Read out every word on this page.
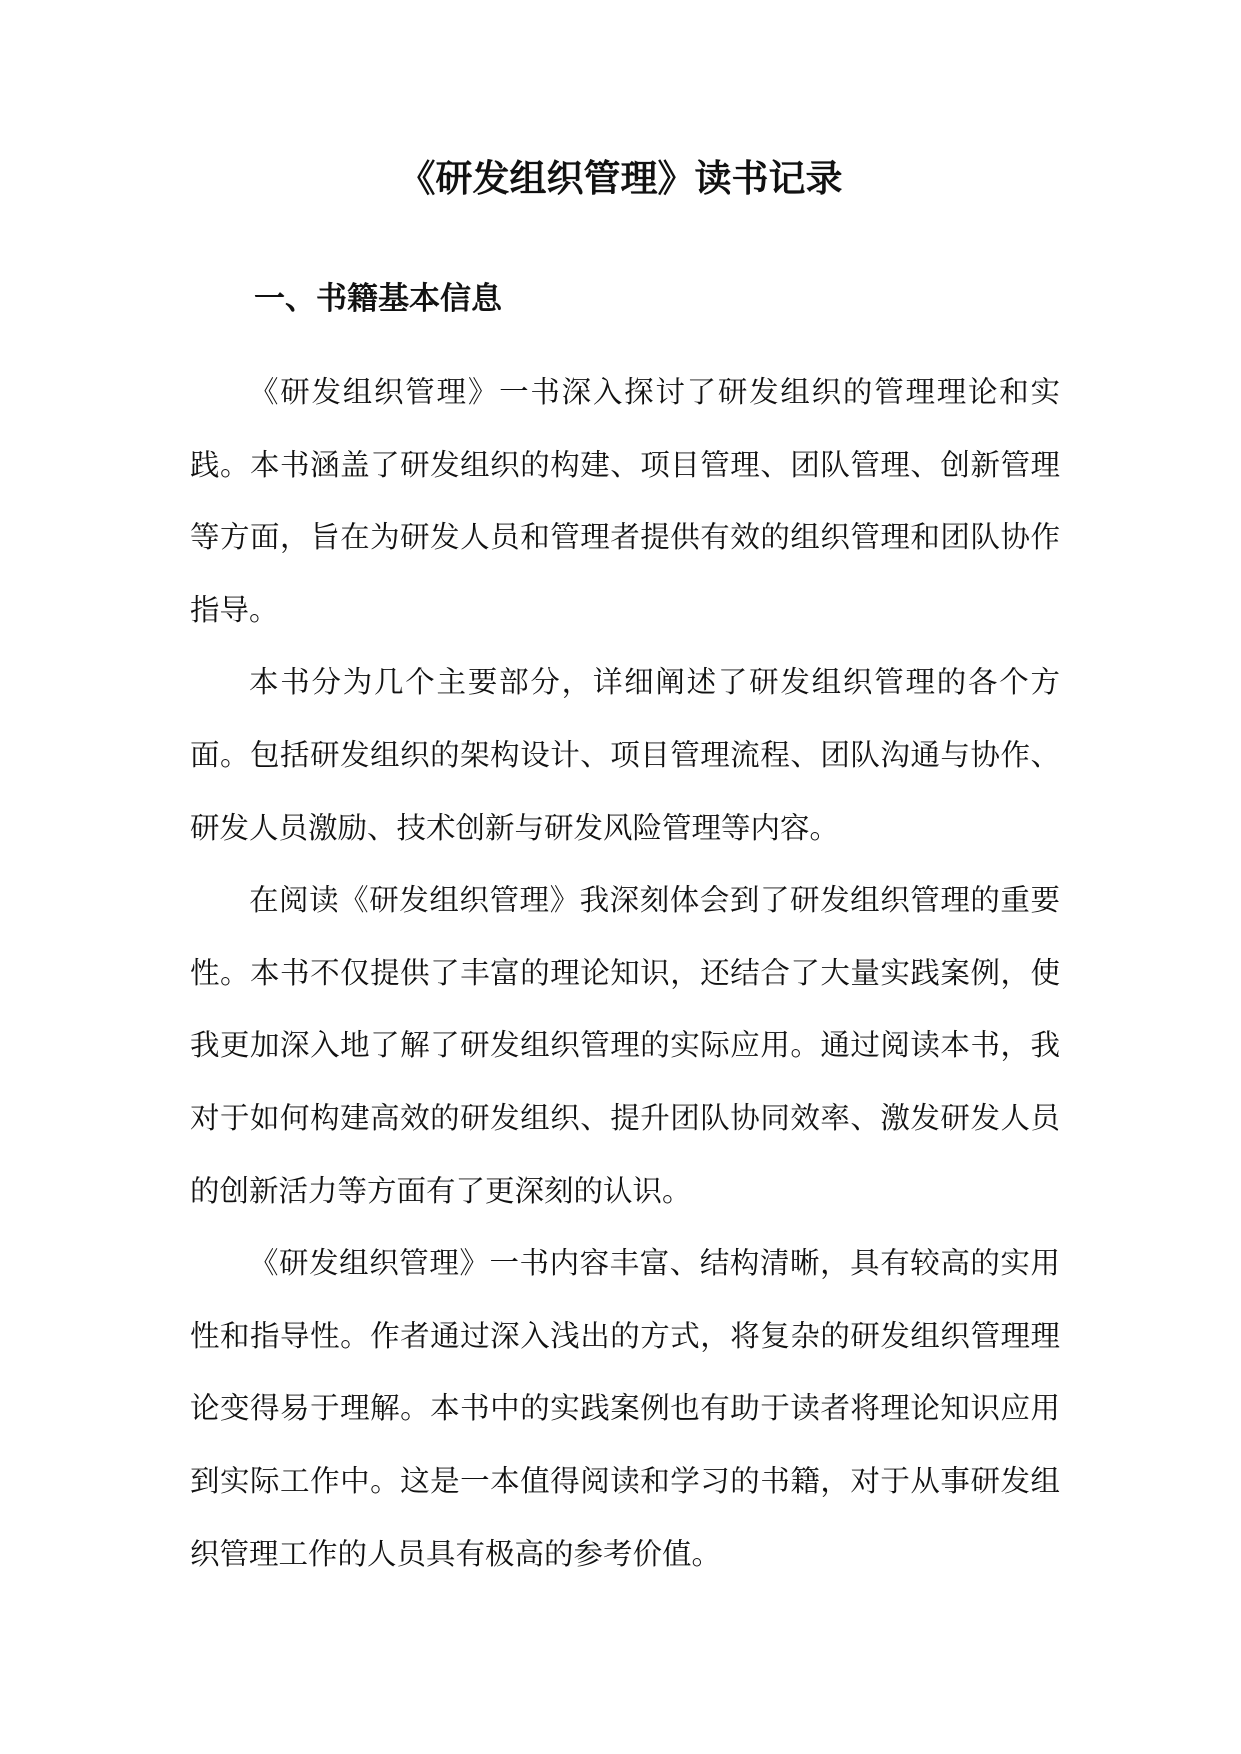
《研发组织管理》读书记录
一、书籍基本信息

《研发组织管理》一书深入探讨了研发组织的管理理论和实践。本书涵盖了研发组织的构建、项目管理、团队管理、创新管理等方面，旨在为研发人员和管理者提供有效的组织管理和团队协作指导。

本书分为几个主要部分，详细阐述了研发组织管理的各个方面。包括研发组织的架构设计、项目管理流程、团队沟通与协作、研发人员激励、技术创新与研发风险管理等内容。

在阅读《研发组织管理》我深刻体会到了研发组织管理的重要性。本书不仅提供了丰富的理论知识，还结合了大量实践案例，使我更加深入地了解了研发组织管理的实际应用。通过阅读本书，我对于如何构建高效的研发组织、提升团队协同效率、激发研发人员的创新活力等方面有了更深刻的认识。

《研发组织管理》一书内容丰富、结构清晰，具有较高的实用性和指导性。作者通过深入浅出的方式，将复杂的研发组织管理理论变得易于理解。本书中的实践案例也有助于读者将理论知识应用到实际工作中。这是一本值得阅读和学习的书籍，对于从事研发组织管理工作的人员具有极高的参考价值。
